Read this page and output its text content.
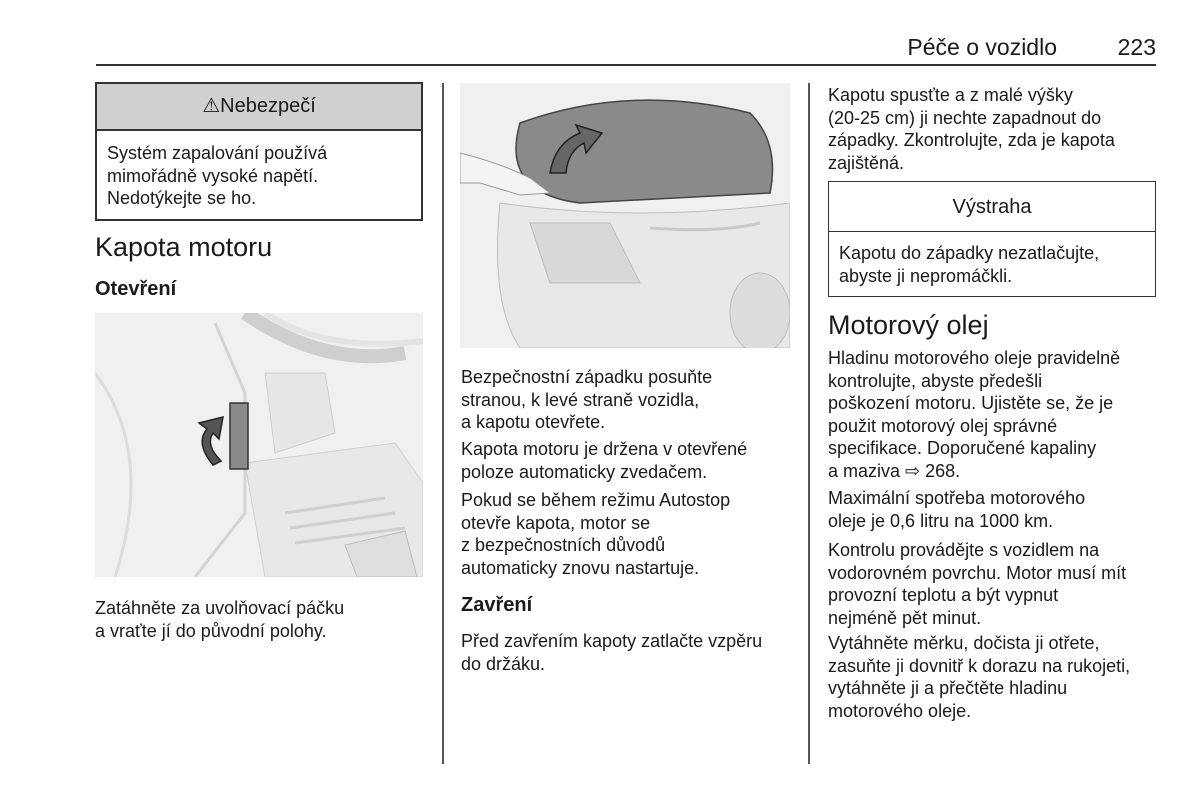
Péče o vozidlo	223
⚠Nebezpečí
Systém zapalování používá
mimořádně vysoké napětí.
Nedotýkejte se ho.
Kapota motoru
Otevření
Zatáhněte za uvolňovací páčku
a vraťte jí do původní polohy.
Bezpečnostní západku posuňte
stranou, k levé straně vozidla,
a kapotu otevřete.
Kapota motoru je držena v otevřené
poloze automaticky zvedačem.
Pokud se během režimu Autostop
otevře kapota, motor se
z bezpečnostních důvodů
automaticky znovu nastartuje.
Zavření
Před zavřením kapoty zatlačte vzpěru
do držáku.
Kapotu spusťte a z malé výšky
(20-25 cm) ji nechte zapadnout do
západky. Zkontrolujte, zda je kapota
zajištěná.
Výstraha
Kapotu do západky nezatlačujte,
abyste ji nepromáčkli.
Motorový olej
Hladinu motorového oleje pravidelně
kontrolujte, abyste předešli
poškození motoru. Ujistěte se, že je
použit motorový olej správné
specifikace. Doporučené kapaliny
a maziva ⇨ 268.
Maximální spotřeba motorového
oleje je 0,6 litru na 1000 km.
Kontrolu provádějte s vozidlem na
vodorovném povrchu. Motor musí mít
provozní teplotu a být vypnut
nejméně pět minut.
Vytáhněte měrku, dočista ji otřete,
zasuňte ji dovnitř k dorazu na rukojeti,
vytáhněte ji a přečtěte hladinu
motorového oleje.
